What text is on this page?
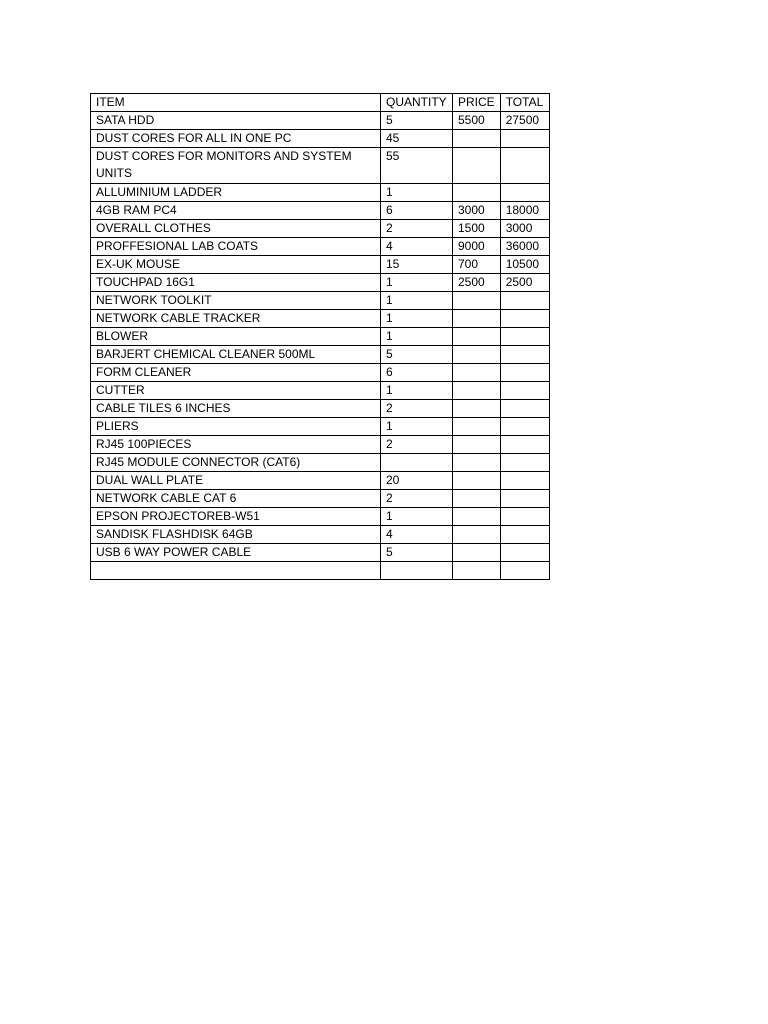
ITEM	QUANTITY	PRICE	TOTAL
SATA HDD	5	5500	27500
DUST CORES FOR ALL IN ONE PC	45		
DUST CORES FOR MONITORS AND SYSTEM UNITS	55		
ALLUMINIUM LADDER	1		
4GB RAM PC4	6	3000	18000
OVERALL CLOTHES	2	1500	3000
PROFFESIONAL LAB COATS	4	9000	36000
EX-UK MOUSE	15	700	10500
TOUCHPAD 16G1	1	2500	2500
NETWORK TOOLKIT	1		
NETWORK CABLE TRACKER	1		
BLOWER	1		
BARJERT CHEMICAL CLEANER 500ML	5		
FORM CLEANER	6		
CUTTER	1		
CABLE TILES 6 INCHES	2		
PLIERS	1		
RJ45 100PIECES	2		
RJ45 MODULE CONNECTOR (CAT6)			
DUAL WALL PLATE	20		
NETWORK CABLE CAT 6	2		
EPSON PROJECTOREB-W51	1		
SANDISK FLASHDISK 64GB	4		
USB 6 WAY POWER CABLE	5		
